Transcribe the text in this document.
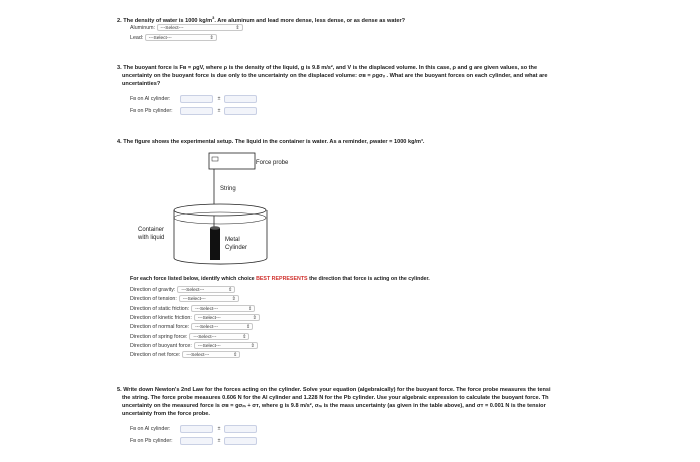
2. The density of water is 1000 $kg/m^3$. Are aluminum and lead more dense, less dense, or as dense as water?
Aluminum: ---Select---	⇕
Lead: ---Select---	⇕
3. The buoyant force is Fʙ = ρgV, where ρ is the density of the liquid, g is 9.8 m/s², and V is the displaced volume. In this case, ρ and g are given values, so the
uncertainty on the buoyant force is due only to the uncertainty on the displaced volume: σʙ = ρgσᵥ . What are the buoyant forces on each cylinder, and what are
uncertainties?
Fʙ on Al cylinder:	±
Fʙ on Pb cylinder:	±
4. The figure shows the experimental setup. The liquid in the container is water. As a reminder, ρwater = 1000 kg/m³.
Force probe
String
Metal
Cylinder
Container
with liquid
For each force listed below, identify which choice BEST REPRESENTS the direction that force is acting on the cylinder.
Direction of gravity: ---Select---	⇕
Direction of tension: ---Select---	⇕
Direction of static friction: ---Select---	⇕
Direction of kinetic friction: ---Select---	⇕
Direction of normal force: ---Select---	⇕
Direction of spring force: ---Select---	⇕
Direction of buoyant force: ---Select---	⇕
Direction of net force: ---Select---	⇕
5. Write down Newton's 2nd Law for the forces acting on the cylinder. Solve your equation (algebraically) for the buoyant force. The force probe measures the tensi
the string. The force probe measures 0.606 N for the Al cylinder and 1.228 N for the Pb cylinder. Use your algebraic expression to calculate the buoyant force. Th
uncertainty on the measured force is σʙ = gσₘ + σᴛ, where g is 9.8 m/s², σₘ is the mass uncertainty (as given in the table above), and σᴛ = 0.001 N is the tensior
uncertainty from the force probe.
Fʙ on Al cylinder:	±
Fʙ on Pb cylinder:	±
